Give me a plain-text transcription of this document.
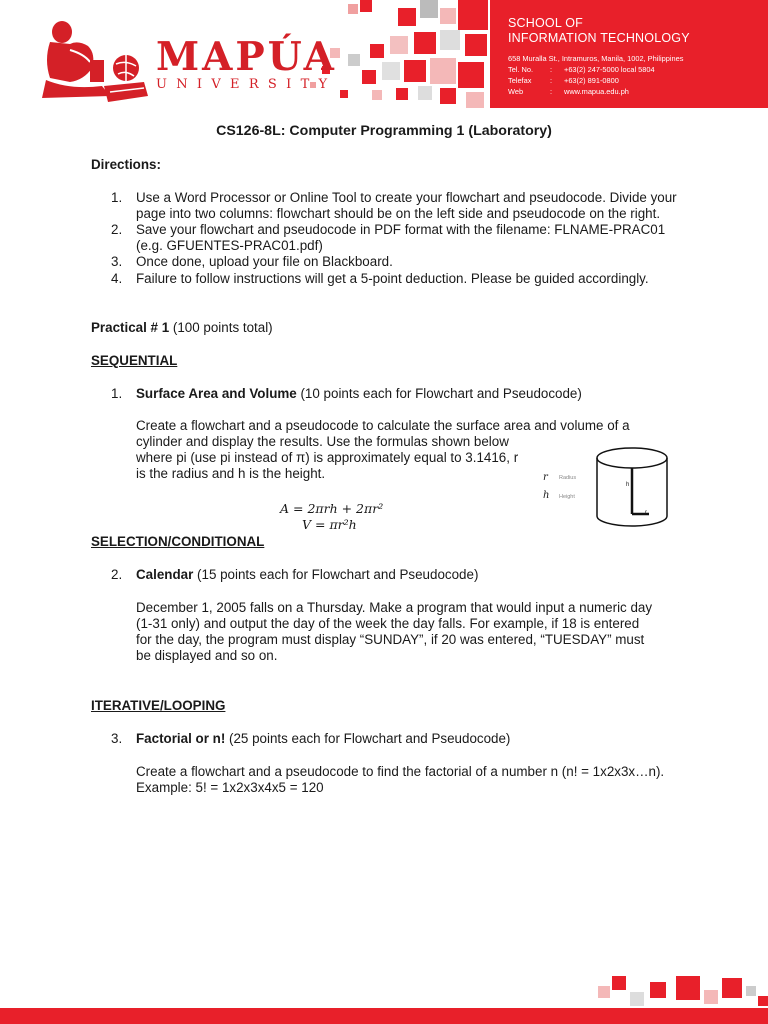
MAPÚA
UNIVERSITY
SCHOOL OF
INFORMATION TECHNOLOGY
658 Muralla St., Intramuros, Manila, 1002, Philippines
Tel. No.	:	+63(2) 247-5000 local 5804
Telefax	:	+63(2) 891-0800
Web	:	www.mapua.edu.ph
CS126-8L: Computer Programming 1 (Laboratory)
Directions:
1. Use a Word Processor or Online Tool to create your flowchart and pseudocode. Divide your page into two columns: flowchart should be on the left side and pseudocode on the right.
2. Save your flowchart and pseudocode in PDF format with the filename: FLNAME-PRAC01 (e.g. GFUENTES-PRAC01.pdf)
3. Once done, upload your file on Blackboard.
4. Failure to follow instructions will get a 5-point deduction. Please be guided accordingly.
Practical # 1 (100 points total)
SEQUENTIAL
1. Surface Area and Volume (10 points each for Flowchart and Pseudocode)
Create a flowchart and a pseudocode to calculate the surface area and volume of a
cylinder and display the results. Use the formulas shown below
where pi (use pi instead of π) is approximately equal to 3.1416, r
is the radius and h is the height.
A = 2πrh + 2πr²
V = πr²h
r Radius
h Height
h
r
SELECTION/CONDITIONAL
2. Calendar (15 points each for Flowchart and Pseudocode)
December 1, 2005 falls on a Thursday. Make a program that would input a numeric day
(1-31 only) and output the day of the week the day falls. For example, if 18 is entered
for the day, the program must display “SUNDAY”, if 20 was entered, “TUESDAY” must
be displayed and so on.
ITERATIVE/LOOPING
3. Factorial or n! (25 points each for Flowchart and Pseudocode)
Create a flowchart and a pseudocode to find the factorial of a number n (n! = 1x2x3x…n).
Example: 5! = 1x2x3x4x5 = 120
